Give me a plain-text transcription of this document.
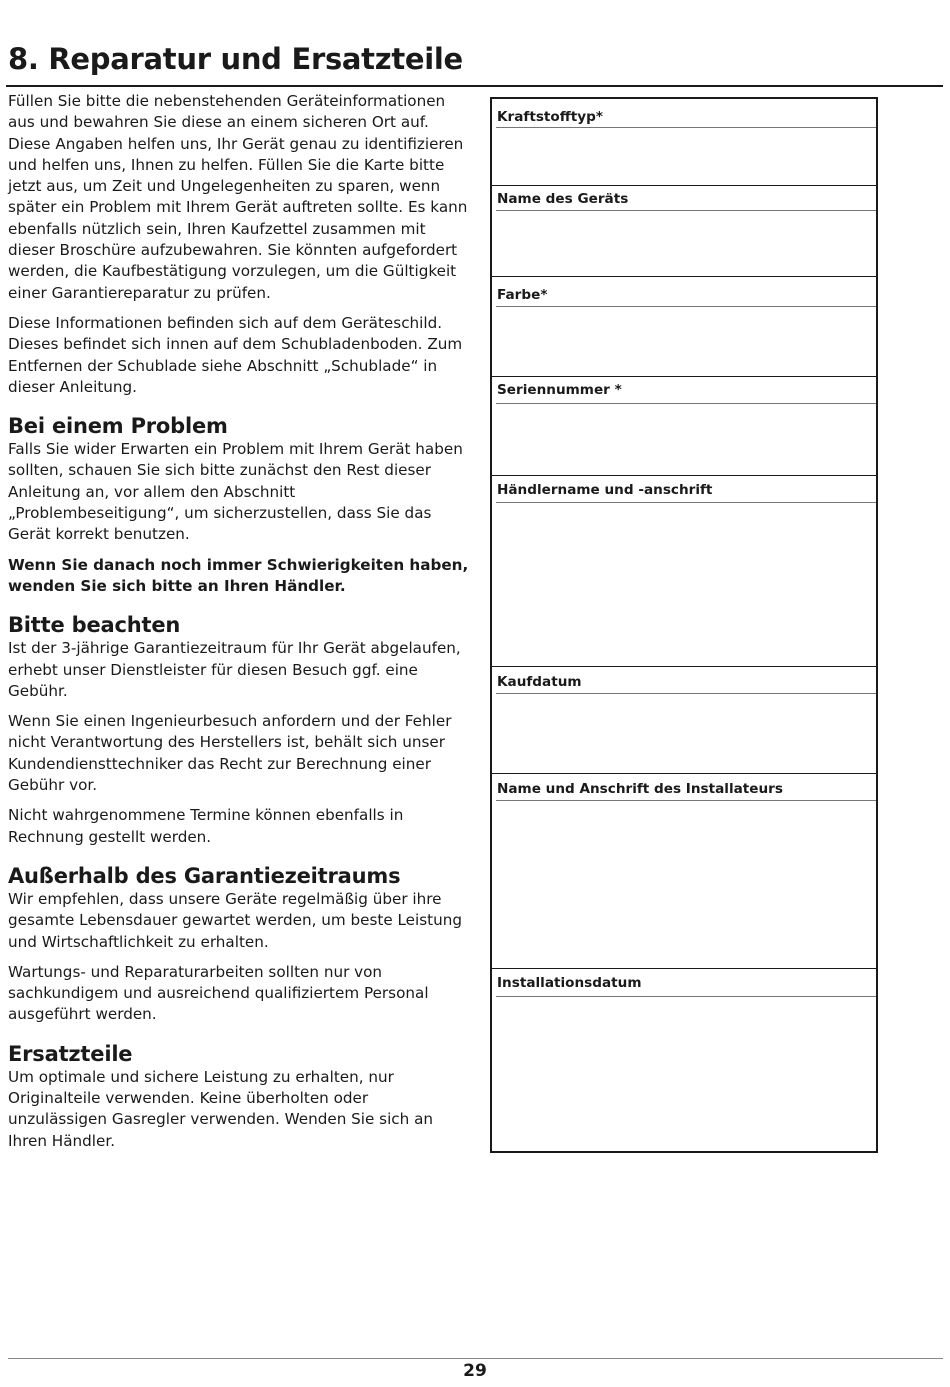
8. Reparatur und Ersatzteile

Füllen Sie bitte die nebenstehenden Geräteinformationen aus und bewahren Sie diese an einem sicheren Ort auf. Diese Angaben helfen uns, Ihr Gerät genau zu identifizieren und helfen uns, Ihnen zu helfen. Füllen Sie die Karte bitte jetzt aus, um Zeit und Ungelegenheiten zu sparen, wenn später ein Problem mit Ihrem Gerät auftreten sollte. Es kann ebenfalls nützlich sein, Ihren Kaufzettel zusammen mit dieser Broschüre aufzubewahren. Sie könnten aufgefordert werden, die Kaufbestätigung vorzulegen, um die Gültigkeit einer Garantiereparatur zu prüfen.

Diese Informationen befinden sich auf dem Geräteschild. Dieses befindet sich innen auf dem Schubladenboden. Zum Entfernen der Schublade siehe Abschnitt „Schublade“ in dieser Anleitung.

Bei einem Problem

Falls Sie wider Erwarten ein Problem mit Ihrem Gerät haben sollten, schauen Sie sich bitte zunächst den Rest dieser Anleitung an, vor allem den Abschnitt „Problembeseitigung“, um sicherzustellen, dass Sie das Gerät korrekt benutzen.

Wenn Sie danach noch immer Schwierigkeiten haben, wenden Sie sich bitte an Ihren Händler.

Bitte beachten

Ist der 3-jährige Garantiezeitraum für Ihr Gerät abgelaufen, erhebt unser Dienstleister für diesen Besuch ggf. eine Gebühr.

Wenn Sie einen Ingenieurbesuch anfordern und der Fehler nicht Verantwortung des Herstellers ist, behält sich unser Kundendiensttechniker das Recht zur Berechnung einer Gebühr vor.

Nicht wahrgenommene Termine können ebenfalls in Rechnung gestellt werden.

Außerhalb des Garantiezeitraums

Wir empfehlen, dass unsere Geräte regelmäßig über ihre gesamte Lebensdauer gewartet werden, um beste Leistung und Wirtschaftlichkeit zu erhalten.

Wartungs- und Reparaturarbeiten sollten nur von sachkundigem und ausreichend qualifiziertem Personal ausgeführt werden.

Ersatzteile

Um optimale und sichere Leistung zu erhalten, nur Originalteile verwenden. Keine überholten oder unzulässigen Gasregler verwenden. Wenden Sie sich an Ihren Händler.

Kraftstofftyp*
Name des Geräts
Farbe*
Seriennummer *
Händlername und -anschrift
Kaufdatum
Name und Anschrift des Installateurs
Installationsdatum
29
